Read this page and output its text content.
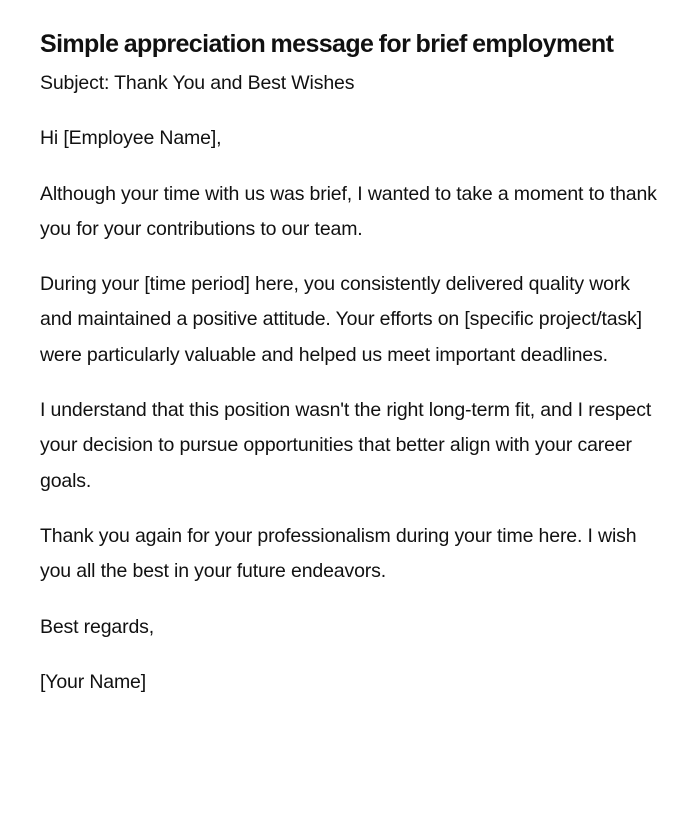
Simple appreciation message for brief employment

Subject: Thank You and Best Wishes

Hi [Employee Name],

Although your time with us was brief, I wanted to take a moment to thank you for your contributions to our team.

During your [time period] here, you consistently delivered quality work and maintained a positive attitude. Your efforts on [specific project/task] were particularly valuable and helped us meet important deadlines.

I understand that this position wasn't the right long-term fit, and I respect your decision to pursue opportunities that better align with your career goals.

Thank you again for your professionalism during your time here. I wish you all the best in your future endeavors.

Best regards,

[Your Name]
